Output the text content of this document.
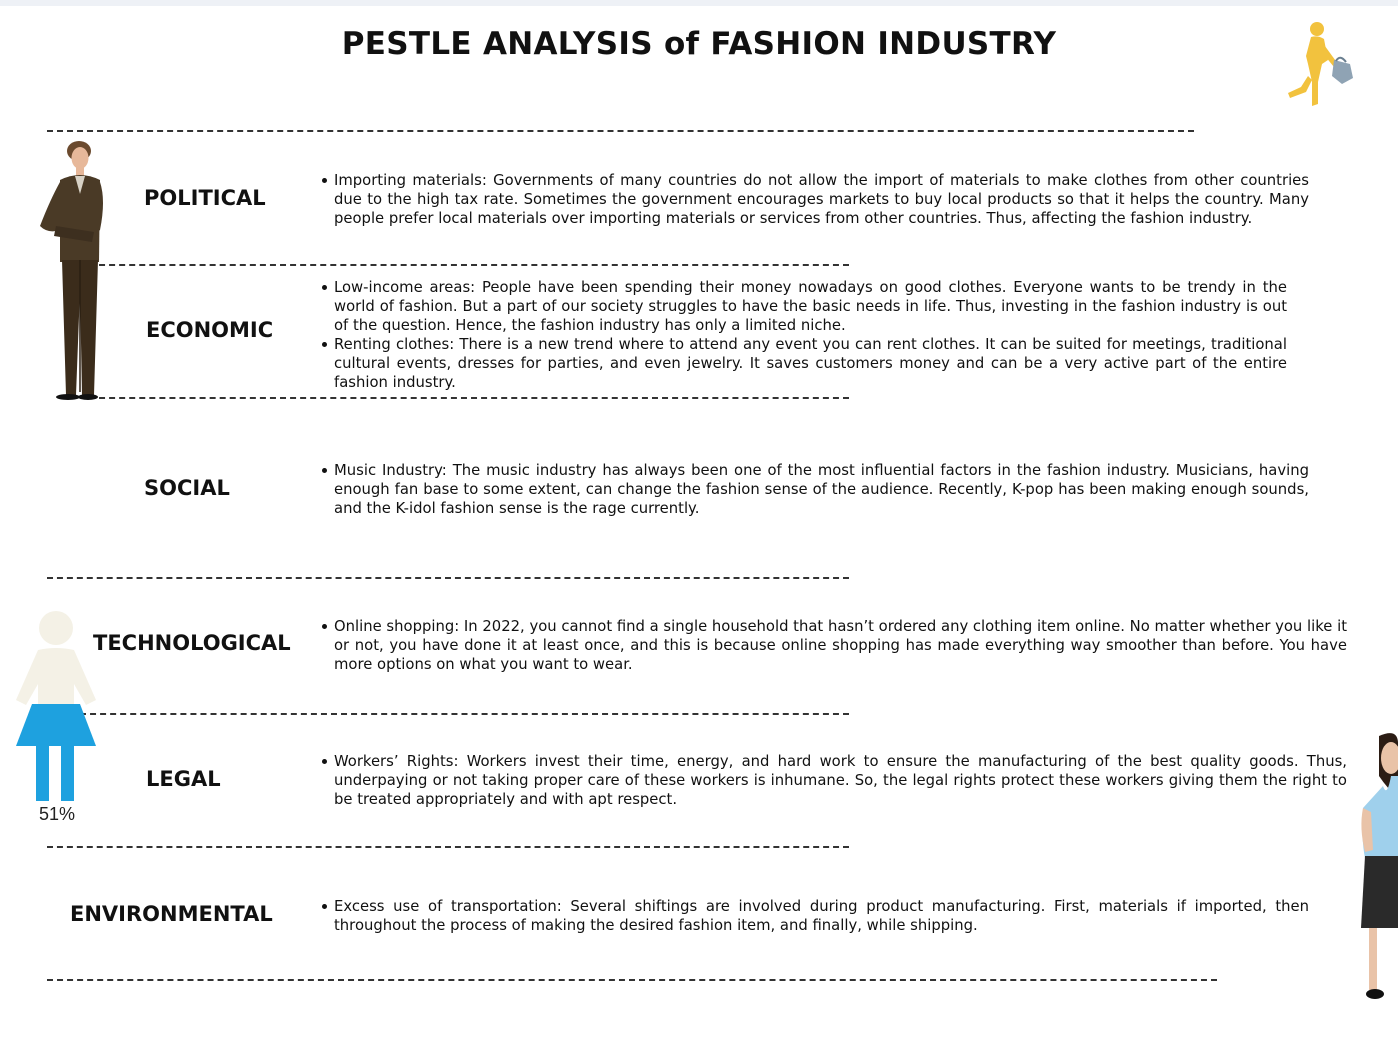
PESTLE ANALYSIS of FASHION INDUSTRY
POLITICAL
ECONOMIC
SOCIAL
TECHNOLOGICAL
LEGAL
ENVIRONMENTAL
Importing materials: Governments of many countries do not allow the import of materials to make clothes from other countries due to the high tax rate. Sometimes the government encourages markets to buy local products so that it helps the country. Many people prefer local materials over importing materials or services from other countries. Thus, affecting the fashion industry.
Low-income areas: People have been spending their money nowadays on good clothes. Everyone wants to be trendy in the world of fashion. But a part of our society struggles to have the basic needs in life. Thus, investing in the fashion industry is out of the question. Hence, the fashion industry has only a limited niche.
Renting clothes: There is a new trend where to attend any event you can rent clothes. It can be suited for meetings, traditional cultural events, dresses for parties, and even jewelry. It saves customers money and can be a very active part of the entire fashion industry.
Music Industry: The music industry has always been one of the most influential factors in the fashion industry. Musicians, having enough fan base to some extent, can change the fashion sense of the audience. Recently, K-pop has been making enough sounds, and the K-idol fashion sense is the rage currently.
Online shopping: In 2022, you cannot find a single household that hasn’t ordered any clothing item online. No matter whether you like it or not, you have done it at least once, and this is because online shopping has made everything way smoother than before. You have more options on what you want to wear.
Workers’ Rights: Workers invest their time, energy, and hard work to ensure the manufacturing of the best quality goods. Thus, underpaying or not taking proper care of these workers is inhumane. So, the legal rights protect these workers giving them the right to be treated appropriately and with apt respect.
Excess use of transportation: Several shiftings are involved during product manufacturing. First, materials if imported, then throughout the process of making the desired fashion item, and finally, while shipping.
51%
